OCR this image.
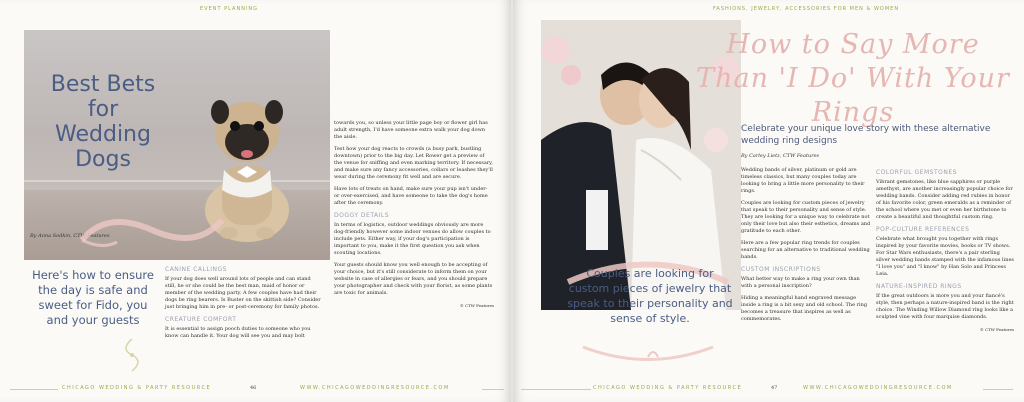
EVENT PLANNING
Best Bets for Wedding Dogs
By Anna Sodkin, CTW Features
Here's how to ensure the day is safe and sweet for Fido, you and your guests
CANINE CALLINGS

If your dog does well around lots of people and can stand still, he or she could be the best man, maid of honor or member of the wedding party. A few couples have had their dogs be ring bearers. Is Buster on the skittish side? Consider just bringing him in pre- or post-ceremony for family photos.

CREATURE COMFORT

It is essential to assign pooch duties to someone who you know can handle it. Your dog will see you and may bolt

towards you, so unless your little page boy or flower girl has adult strength, I'd have someone extra walk your dog down the aisle.

Test how your dog reacts to crowds (a busy park, bustling downtown) prior to the big day. Let Rower get a preview of the venue for sniffing and even marking territory. If necessary, and make sure any fancy accessories, collars or leashes they'll wear during the ceremony fit well and are secure.

Have lots of treats on hand, make sure your pup isn't under- or over-exercised, and have someone to take the dog's home after the ceremony.

DOGGY DETAILS

In terms of logistics, outdoor weddings obviously are more dog-friendly however some indoor venues do allow couples to include pets. Either way, if your dog's participation is important to you, make it the first question you ask when scouting locations.

Your guests should know you well enough to be accepting of your choice, but it's still considerate to inform them on your website in case of allergies or fears, and you should prepare your photographer and check with your florist, as some plants are toxic for animals.

© CTW Features
CHICAGO WEDDING & PARTY RESOURCE	46	WWW.CHICAGOWEDDINGRESOURCE.COM
FASHIONS, JEWELRY, ACCESSORIES FOR MEN & WOMEN
How to Say More Than 'I Do' With Your Rings
Celebrate your unique love story with these alternative wedding ring designs
By Carley Lietz, CTW Features
Couples are looking for custom pieces of jewelry that speak to their personality and sense of style.

Wedding bands of silver, platinum or gold are timeless classics, but many couples today are looking to bring a little more personality to their rings.

Couples are looking for custom pieces of jewelry that speak to their personality and sense of style. They are looking for a unique way to celebrate not only their love but also their esthetics, dreams and gratitude to each other.

Here are a few popular ring trends for couples searching for an alternative to traditional wedding bands.

CUSTOM INSCRIPTIONS

What better way to make a ring your own than with a personal inscription?

Hiding a meaningful hand engraved message inside a ring is a bit sexy and old school. The ring becomes a treasure that inspires as well as commemorates.

COLORFUL GEMSTONES

Vibrant gemstones, like blue sapphires or purple amethyst, are another increasingly popular choice for wedding bands. Consider adding red rubies in honor of his favorite color, green emeralds as a reminder of the school where you met or even her birthstone to create a beautiful and thoughtful custom ring.

POP-CULTURE REFERENCES

Celebrate what brought you together with rings inspired by your favorite movies, books or TV shows. For Star Wars enthusiasts, there's a pair sterling silver wedding bands stamped with the infamous lines "I love you" and "I know" by Han Solo and Princess Leia.

NATURE-INSPIRED RINGS

If the great outdoors is more you and your fiancé's style, then perhaps a nature-inspired band is the right choice. The Winding Willow Diamond ring looks like a sculpted vine with four marquise diamonds.

© CTW Features
CHICAGO WEDDING & PARTY RESOURCE	47	WWW.CHICAGOWEDDINGRESOURCE.COM
